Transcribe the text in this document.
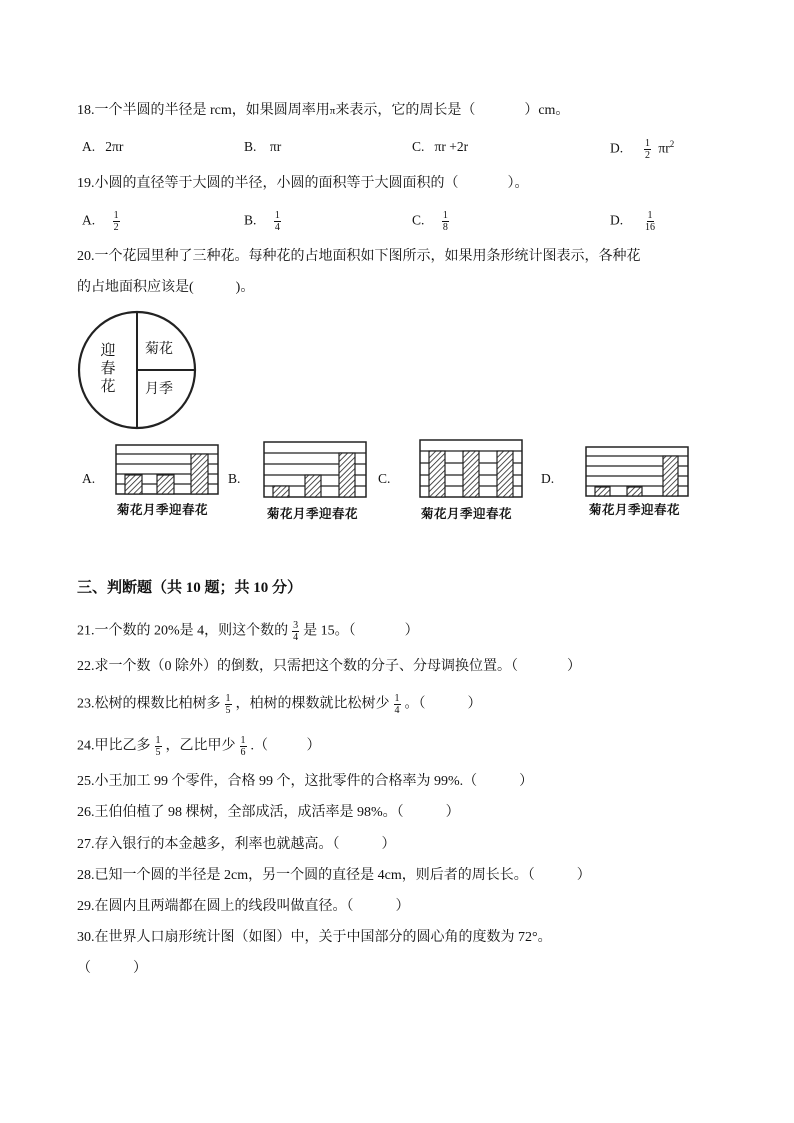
18.一个半圆的半径是 rcm，如果圆周率用$^\pi$来表示，它的周长是（	）cm。
A. 2πr	B. πr	C. πr +2r	D. $\frac{1}{2} \pi r^2$
19.小圆的直径等于大圆的半径，小圆的面积等于大圆面积的（	）。
A. $\frac{1}{2}$	B. $\frac{1}{4}$	C. $\frac{1}{8}$	D. $\frac{1}{16}$
20.一个花园里种了三种花。每种花的占地面积如下图所示，如果用条形统计图表示，各种花
的占地面积应该是(	)。
迎
春
花
菊花
月季
A.
菊花月季迎春花
B.
菊花月季迎春花
C.
菊花月季迎春花
D.
菊花月季迎春花
三、判断题（共 10 题；共 10 分）
21.一个数的 20%是 4，则这个数的 $\frac{3}{4}$ 是 15。（	）
22.求一个数（0 除外）的倒数，只需把这个数的分子、分母调换位置。（	）
23.松树的棵数比柏树多 $\frac{1}{5}$ ，柏树的棵数就比松树少 $\frac{1}{4}$ 。（	）
24.甲比乙多 $\frac{1}{5}$ ，乙比甲少 $\frac{1}{6}$ .（	）
25.小王加工 99 个零件，合格 99 个，这批零件的合格率为 99%.（	）
26.王伯伯植了 98 棵树，全部成活，成活率是 98%。（	）
27.存入银行的本金越多，利率也就越高。（	）
28.已知一个圆的半径是 2cm，另一个圆的直径是 4cm，则后者的周长长。（	）
29.在圆内且两端都在圆上的线段叫做直径。（	）
30.在世界人口扇形统计图（如图）中，关于中国部分的圆心角的度数为 72°。
（	）
